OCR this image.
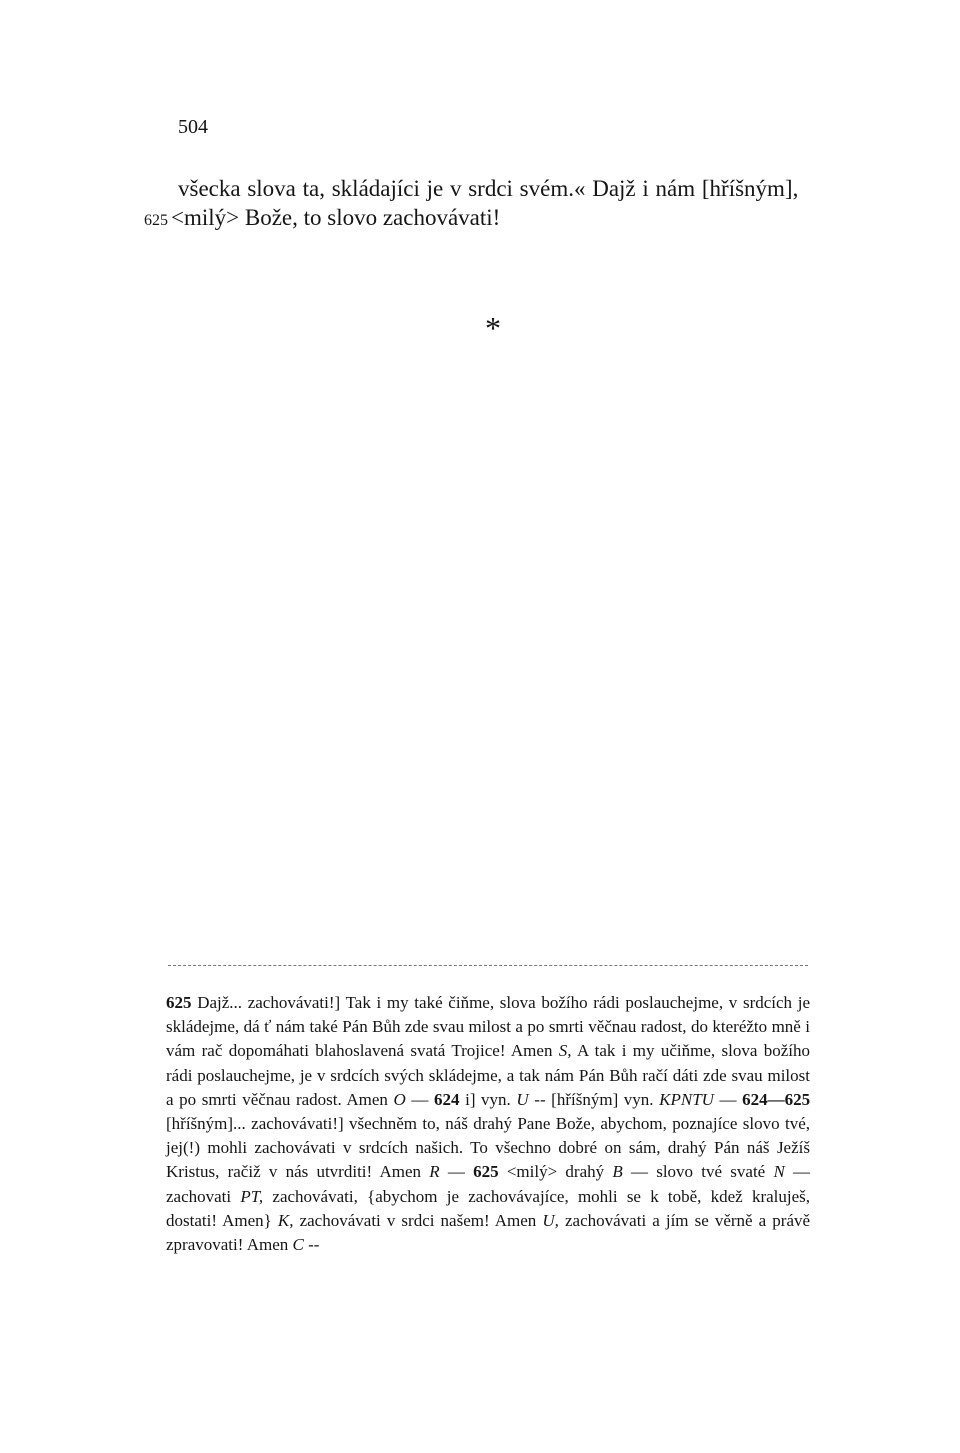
504
všecka slova ta, skládajíci je v srdci svém.« Dajž i nám [hříšným],
625 <milý> Bože, to slovo zachovávati!
*
625 Dajž... zachovávati!] Tak i my také čiňme, slova božího rádi poslauchejme, v srdcích je skládejme, dá ť nám také Pán Bůh zde svau milost a po smrti věčnau radost, do kteréžto mně i vám rač dopomáhati blahoslavená svatá Trojice! Amen S, A tak i my učiňme, slova božího rádi poslauchejme, je v srdcích svých skládejme, a tak nám Pán Bůh račí dáti zde svau milost a po smrti věčnau radost. Amen O — 624 i] vyn. U -- [hříšným] vyn. KPNTU — 624—625 [hříšným]... zachovávati!] všechněm to, náš drahý Pane Bože, abychom, poznajíce slovo tvé, jej(!) mohli zachovávati v srdcích našich. To všechno dobré on sám, drahý Pán náš Ježíš Kristus, račiž v nás utvrditi! Amen R — 625 <milý> drahý B — slovo tvé svaté N — zachovati PT, zachovávati, {abychom je zachovávajíce, mohli se k tobě, kdež kraluješ, dostati! Amen} K, zachovávati v srdci našem! Amen U, zachovávati a jím se věrně a právě zpravovati! Amen C --
